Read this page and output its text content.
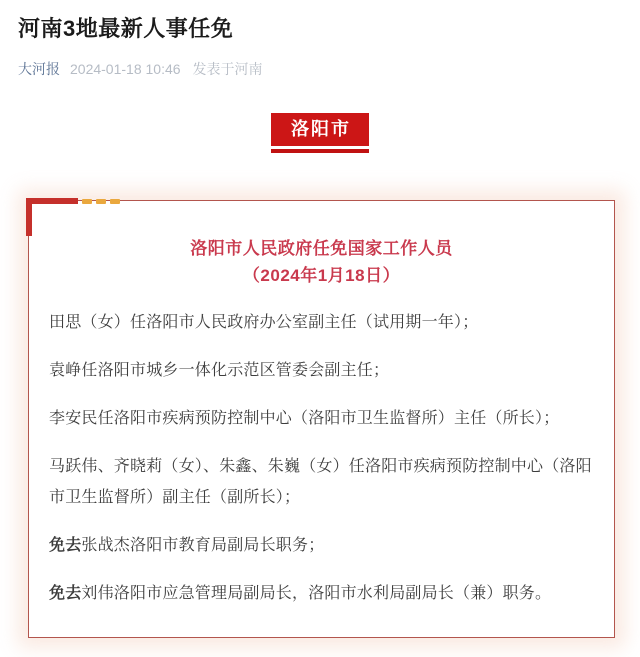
河南3地最新人事任免
大河报 2024-01-18 10:46 发表于河南
洛阳市
洛阳市人民政府任免国家工作人员
（2024年1月18日）

田思（女）任洛阳市人民政府办公室副主任（试用期一年）；

袁峥任洛阳市城乡一体化示范区管委会副主任；

李安民任洛阳市疾病预防控制中心（洛阳市卫生监督所）主任（所长）；

马跃伟、齐晓莉（女）、朱鑫、朱巍（女）任洛阳市疾病预防控制中心（洛阳市卫生监督所）副主任（副所长）；

免去张战杰洛阳市教育局副局长职务；

免去刘伟洛阳市应急管理局副局长，洛阳市水利局副局长（兼）职务。
